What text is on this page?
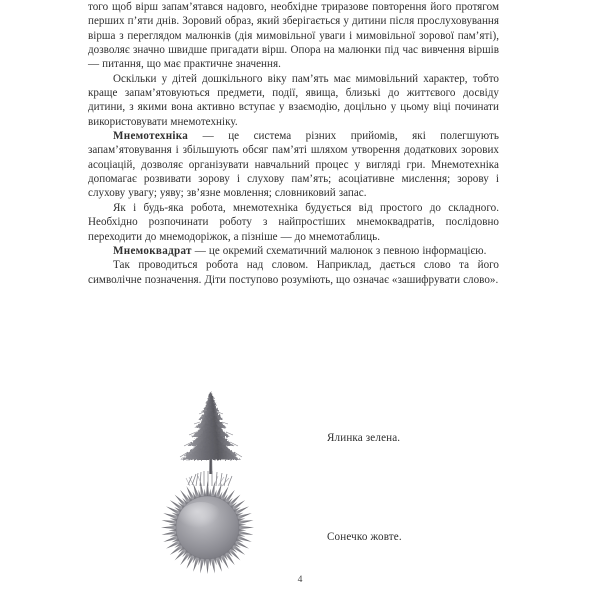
того щоб вірш запам’ятався надовго, необхідне триразове повторення його протягом перших п’яти днів. Зоровий образ, який зберігається у дитини після прослуховування вірша з переглядом малюнків (дія мимовільної уваги і мимовільної зорової пам’яті), дозволяє значно швидше пригадати вірш. Опора на малюнки під час вивчення віршів — питання, що має практичне значення.

Оскільки у дітей дошкільного віку пам’ять має мимовільний характер, тобто краще запам’ятовуються предмети, події, явища, близькі до життєвого досвіду дитини, з якими вона активно вступає у взаємодію, доцільно у цьому віці починати використовувати мнемотехніку.

Мнемотехніка — це система різних прийомів, які полегшують запам’ятовування і збільшують обсяг пам’яті шляхом утворення додаткових зорових асоціацій, дозволяє організувати навчальний процес у вигляді гри. Мнемотехніка допомагає розвивати зорову і слухову пам’ять; асоціативне мислення; зорову і слухову увагу; уяву; зв’язне мовлення; словниковий запас.

Як і будь-яка робота, мнемотехніка будується від простого до складного. Необхідно розпочинати роботу з найпростіших мнемоквадратів, послідовно переходити до мнемодоріжок, а пізніше — до мнемотаблиць.

Мнемоквадрат — це окремий схематичний малюнок з певною інформацією.

Так проводиться робота над словом. Наприклад, дається слово та його символічне позначення. Діти поступово розуміють, що означає «зашифрувати слово».

Ялинка зелена.
Сонечко жовте.
4
